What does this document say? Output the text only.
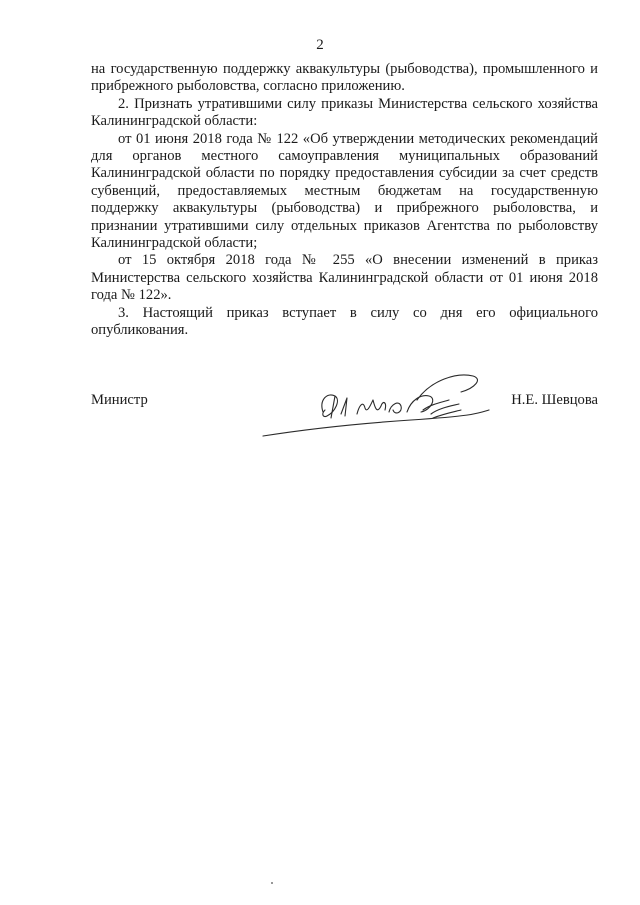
2

на государственную поддержку аквакультуры (рыбоводства), промышленного и прибрежного рыболовства, согласно приложению.

2. Признать утратившими силу приказы Министерства сельского хозяйства Калининградской области:

от 01 июня 2018 года № 122 «Об утверждении методических рекомендаций для органов местного самоуправления муниципальных образований Калининградской области по порядку предоставления субсидии за счет средств субвенций, предоставляемых местным бюджетам на государственную поддержку аквакультуры (рыбоводства) и прибрежного рыболовства, и признании утратившими силу отдельных приказов Агентства по рыболовству Калининградской области;

от 15 октября 2018 года № 255 «О внесении изменений в приказ Министерства сельского хозяйства Калининградской области от 01 июня 2018 года № 122».

3. Настоящий приказ вступает в силу со дня его официального опубликования.

Министр	Н.Е. Шевцова
